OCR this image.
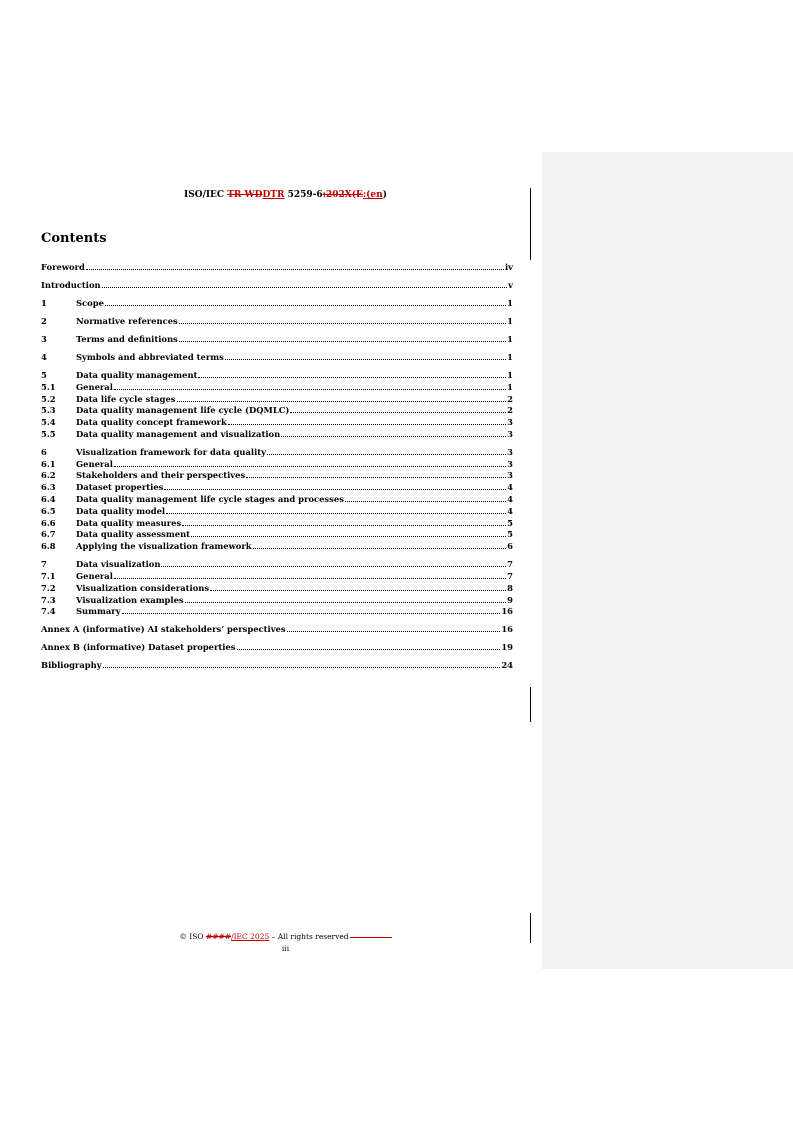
ISO/IEC TR WDDTR 5259-6:202X(E:(en)
Contents
Foreword	iv
Introduction	v
1	Scope	1
2	Normative references	1
3	Terms and definitions	1
4	Symbols and abbreviated terms	1
5	Data quality management	1
5.1	General	1
5.2	Data life cycle stages	2
5.3	Data quality management life cycle (DQMLC)	2
5.4	Data quality concept framework	3
5.5	Data quality management and visualization	3
6	Visualization framework for data quality	3
6.1	General	3
6.2	Stakeholders and their perspectives	3
6.3	Dataset properties	4
6.4	Data quality management life cycle stages and processes	4
6.5	Data quality model	4
6.6	Data quality measures	5
6.7	Data quality assessment	5
6.8	Applying the visualization framework	6
7	Data visualization	7
7.1	General	7
7.2	Visualization considerations	8
7.3	Visualization examples	9
7.4	Summary	16
Annex A (informative) AI stakeholders’ perspectives	16
Annex B (informative) Dataset properties	19
Bibliography	24
© ISO ####/IEC 2025 – All rights reserved
iii
